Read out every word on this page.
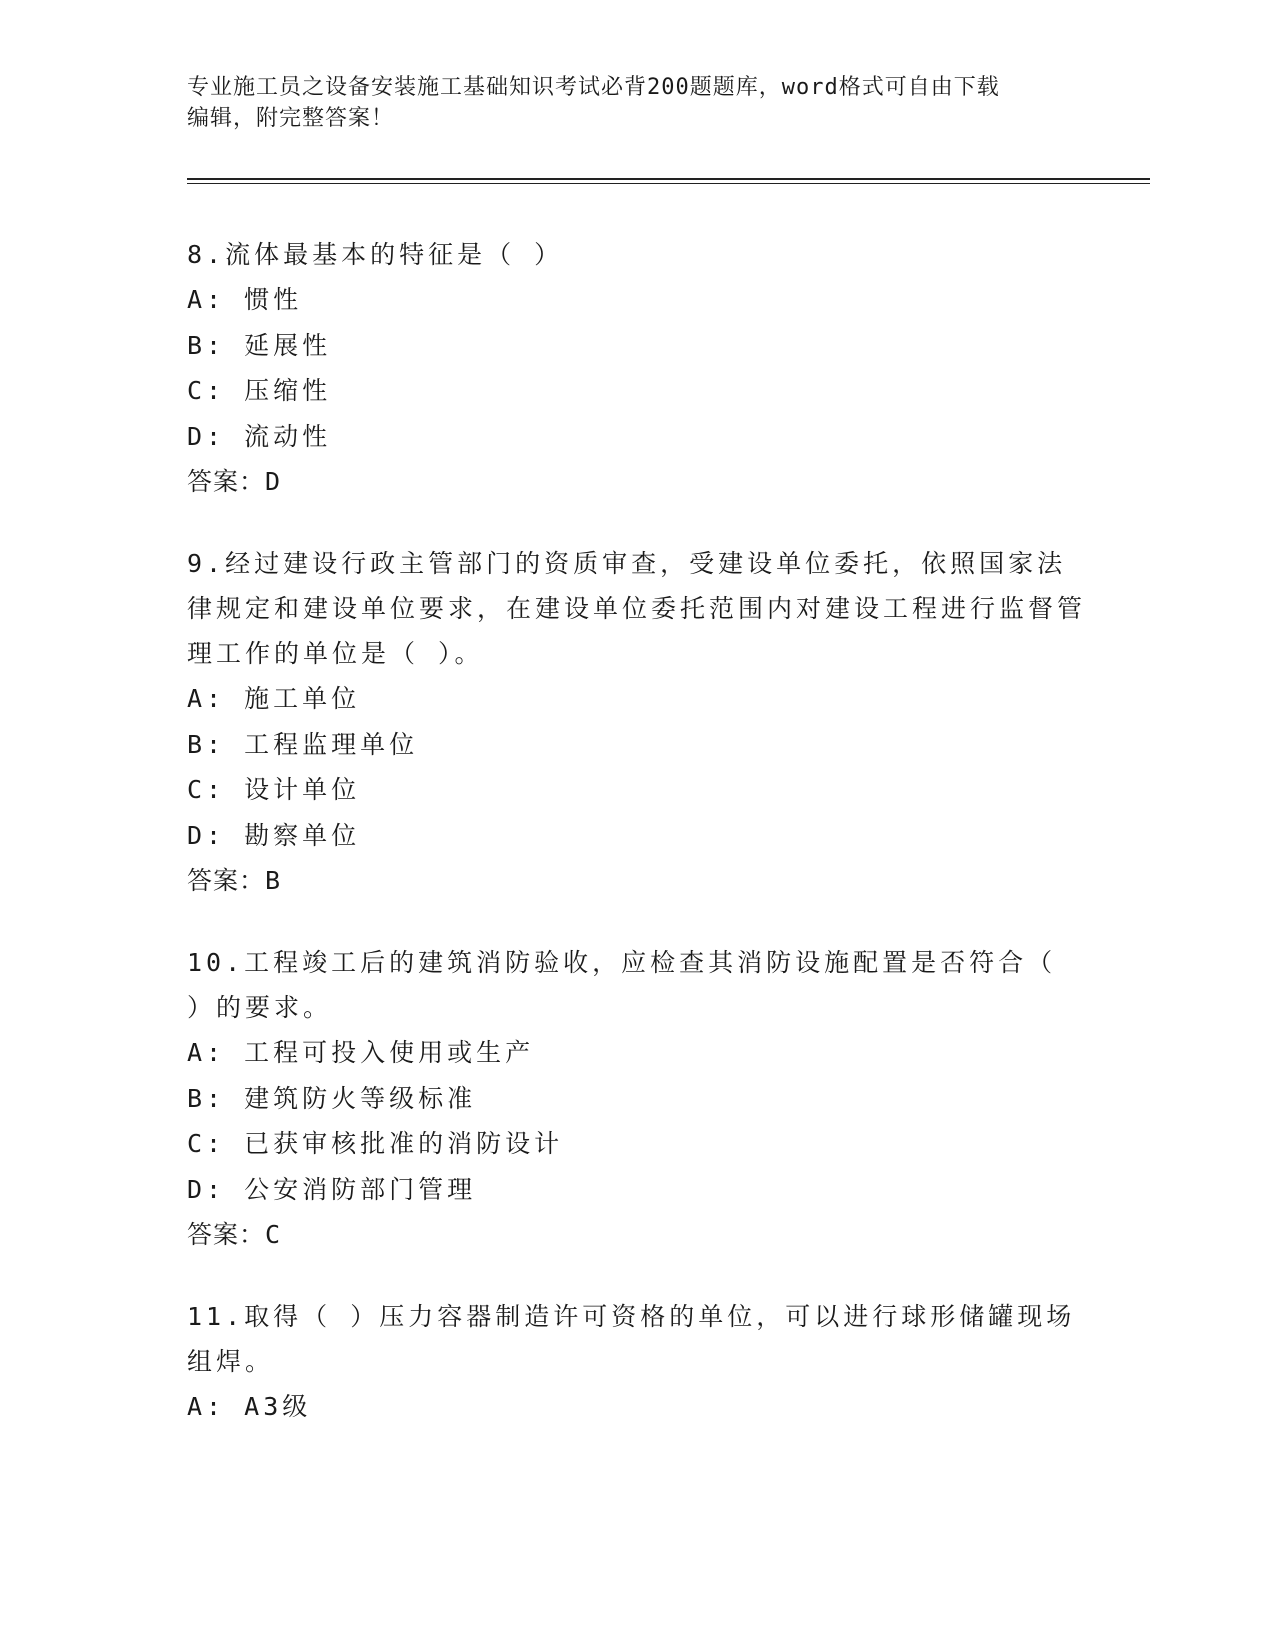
专业施工员之设备安装施工基础知识考试必背200题题库，word格式可自由下载
编辑，附完整答案！
8.流体最基本的特征是（ ）
A: 惯性
B: 延展性
C: 压缩性
D: 流动性
答案：D
9.经过建设行政主管部门的资质审查，受建设单位委托，依照国家法律规定和建设单位要求，在建设单位委托范围内对建设工程进行监督管理工作的单位是（ ）。
A: 施工单位
B: 工程监理单位
C: 设计单位
D: 勘察单位
答案：B
10.工程竣工后的建筑消防验收，应检查其消防设施配置是否符合（ ）的要求。
A: 工程可投入使用或生产
B: 建筑防火等级标准
C: 已获审核批准的消防设计
D: 公安消防部门管理
答案：C
11.取得（ ）压力容器制造许可资格的单位，可以进行球形储罐现场组焊。
A: A3级
